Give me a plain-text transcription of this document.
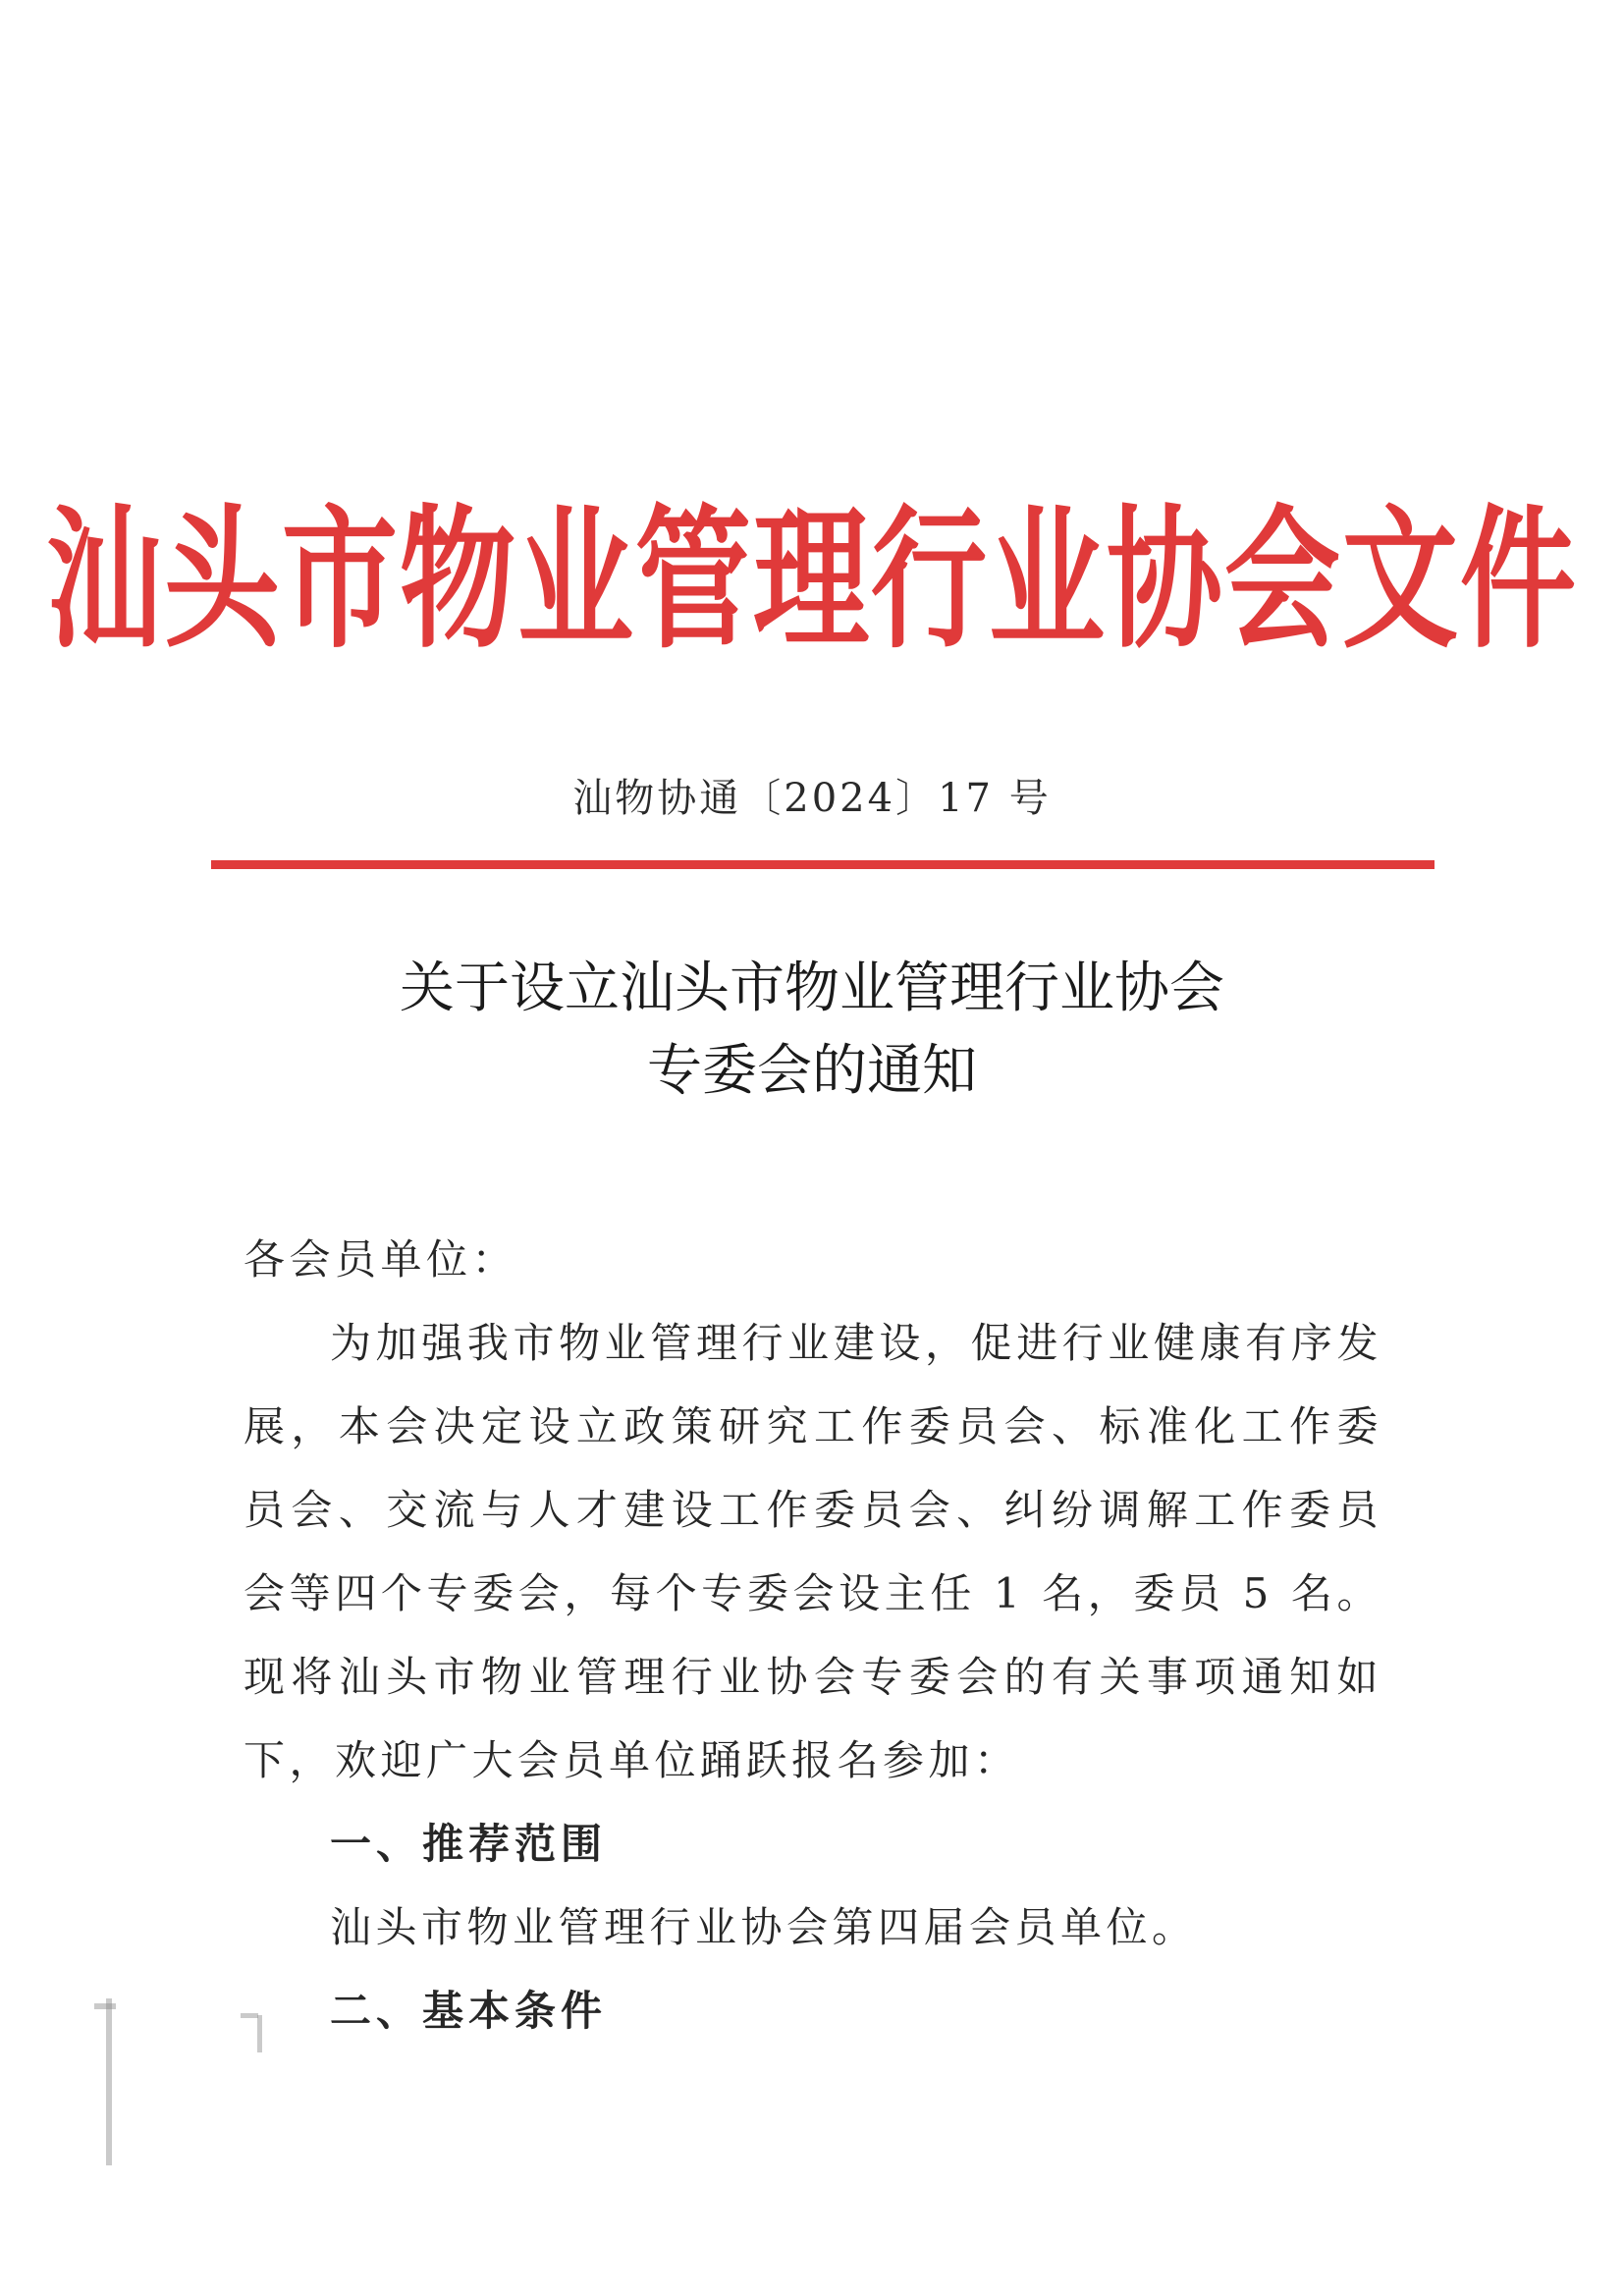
汕头市物业管理行业协会文件
汕物协通〔2024〕17 号
关于设立汕头市物业管理行业协会
专委会的通知

各会员单位：

为加强我市物业管理行业建设，促进行业健康有序发展，本会决定设立政策研究工作委员会、标准化工作委员会、交流与人才建设工作委员会、纠纷调解工作委员会等四个专委会，每个专委会设主任 1 名，委员 5 名。现将汕头市物业管理行业协会专委会的有关事项通知如下，欢迎广大会员单位踊跃报名参加：

一、推荐范围

汕头市物业管理行业协会第四届会员单位。

二、基本条件
